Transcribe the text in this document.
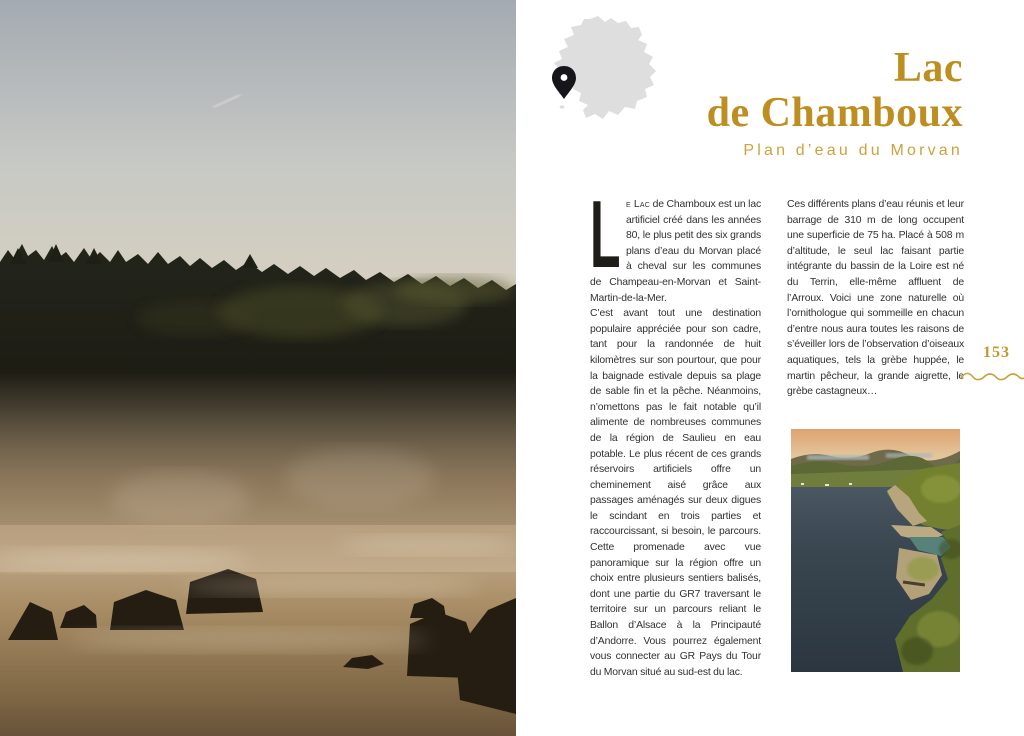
Lac
de Chamboux
Plan d’eau du Morvan

Le Lac de Chamboux est un lac artificiel créé dans les années 80, le plus petit des six grands plans d’eau du Morvan placé à cheval sur les communes de Champeau-en-Morvan et Saint-Martin-de-la-Mer.

C’est avant tout une destination populaire appréciée pour son cadre, tant pour la randonnée de huit kilomètres sur son pourtour, que pour la baignade estivale depuis sa plage de sable fin et la pêche. Néanmoins, n’omettons pas le fait notable qu’il alimente de nombreuses communes de la région de Saulieu en eau potable. Le plus récent de ces grands réservoirs artificiels offre un cheminement aisé grâce aux passages aménagés sur deux digues le scindant en trois parties et raccourcissant, si besoin, le parcours. Cette promenade avec vue panoramique sur la région offre un choix entre plusieurs sentiers balisés, dont une partie du GR7 traversant le territoire sur un parcours reliant le Ballon d’Alsace à la Principauté d’Andorre. Vous pourrez également vous connecter au GR Pays du Tour du Morvan situé au sud-est du lac.

Ces différents plans d’eau réunis et leur barrage de 310 m de long occupent une superficie de 75 ha. Placé à 508 m d’altitude, le seul lac faisant partie intégrante du bassin de la Loire est né du Terrin, elle-même affluent de l’Arroux. Voici une zone naturelle où l’ornithologue qui sommeille en chacun d’entre nous aura toutes les raisons de s’éveiller lors de l’observation d’oiseaux aquatiques, tels la grèbe huppée, le martin pêcheur, la grande aigrette, le grèbe castagneux…

153
